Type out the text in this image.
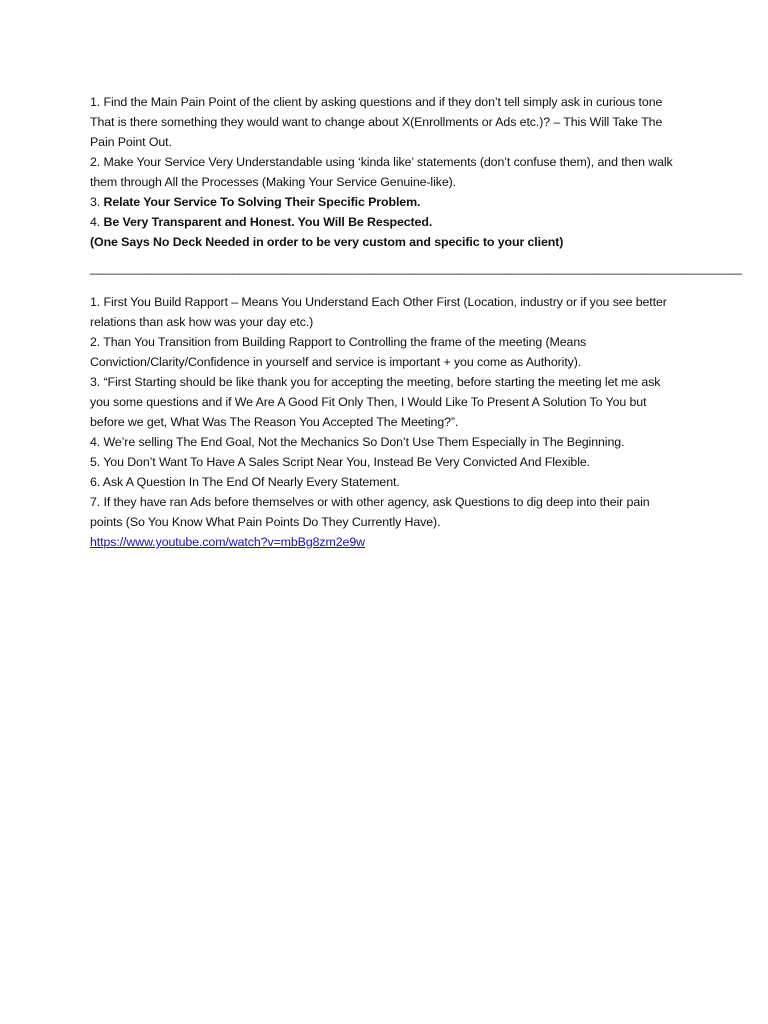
1. Find the Main Pain Point of the client by asking questions and if they don’t tell simply ask in curious tone That is there something they would want to change about X(Enrollments or Ads etc.)? – This Will Take The Pain Point Out.

2. Make Your Service Very Understandable using ‘kinda like’ statements (don’t confuse them), and then walk them through All the Processes (Making Your Service Genuine-like).

3. Relate Your Service To Solving Their Specific Problem.

4. Be Very Transparent and Honest. You Will Be Respected.

(One Says No Deck Needed in order to be very custom and specific to your client)

________________________________________________________________________________________________

1. First You Build Rapport – Means You Understand Each Other First (Location, industry or if you see better relations than ask how was your day etc.)

2. Than You Transition from Building Rapport to Controlling the frame of the meeting (Means Conviction/Clarity/Confidence in yourself and service is important + you come as Authority).

3. “First Starting should be like thank you for accepting the meeting, before starting the meeting let me ask you some questions and if We Are A Good Fit Only Then, I Would Like To Present A Solution To You but before we get, What Was The Reason You Accepted The Meeting?”.

4. We’re selling The End Goal, Not the Mechanics So Don’t Use Them Especially in The Beginning.

5. You Don’t Want To Have A Sales Script Near You, Instead Be Very Convicted And Flexible.

6. Ask A Question In The End Of Nearly Every Statement.

7. If they have ran Ads before themselves or with other agency, ask Questions to dig deep into their pain points (So You Know What Pain Points Do They Currently Have).

https://www.youtube.com/watch?v=mbBg8zm2e9w
